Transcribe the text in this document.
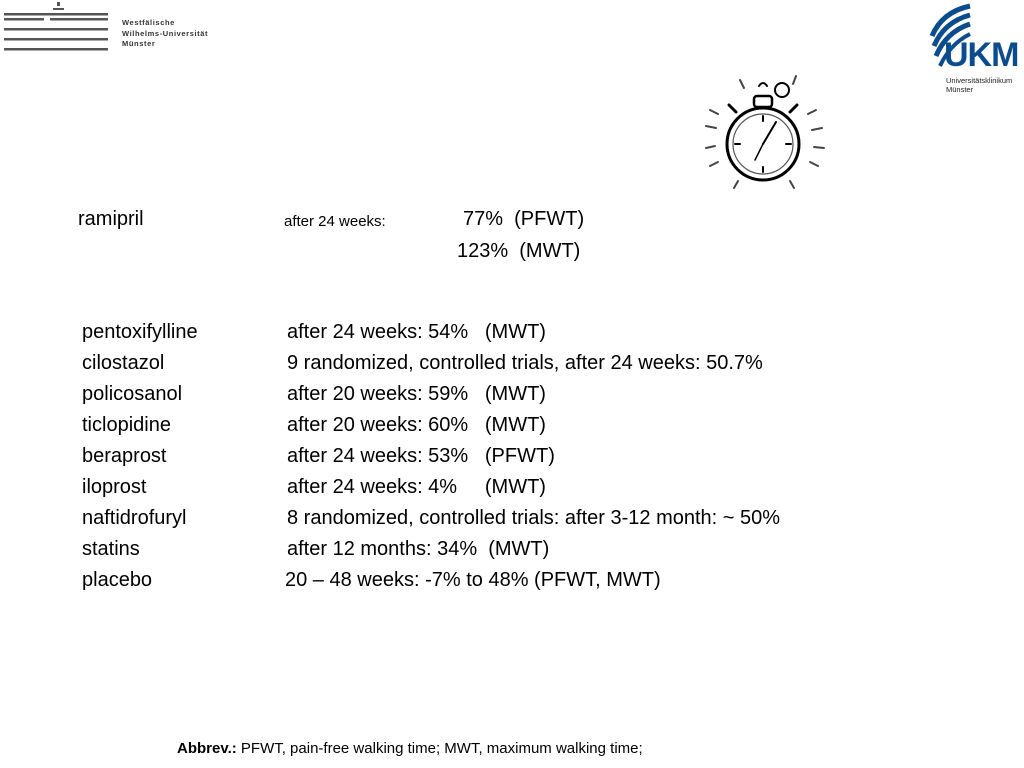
Westfälische
Wilhelms-Universität
Münster	UKM
Universitätsklinikum
Münster
ramipril	after 24 weeks:	77%  (PFWT)
123%  (MWT)
pentoxifylline	after 24 weeks: 54%   (MWT)
cilostazol	9 randomized, controlled trials, after 24 weeks: 50.7%
policosanol	after 20 weeks: 59%   (MWT)
ticlopidine	after 20 weeks: 60%   (MWT)
beraprost	after 24 weeks: 53%   (PFWT)
iloprost	after 24 weeks: 4%     (MWT)
naftidrofuryl	8 randomized, controlled trials: after 3-12 month: ~ 50%
statins	after 12 months: 34%  (MWT)
placebo	20 – 48 weeks: -7% to 48% (PFWT, MWT)
Abbrev.: PFWT, pain-free walking time; MWT, maximum walking time;
